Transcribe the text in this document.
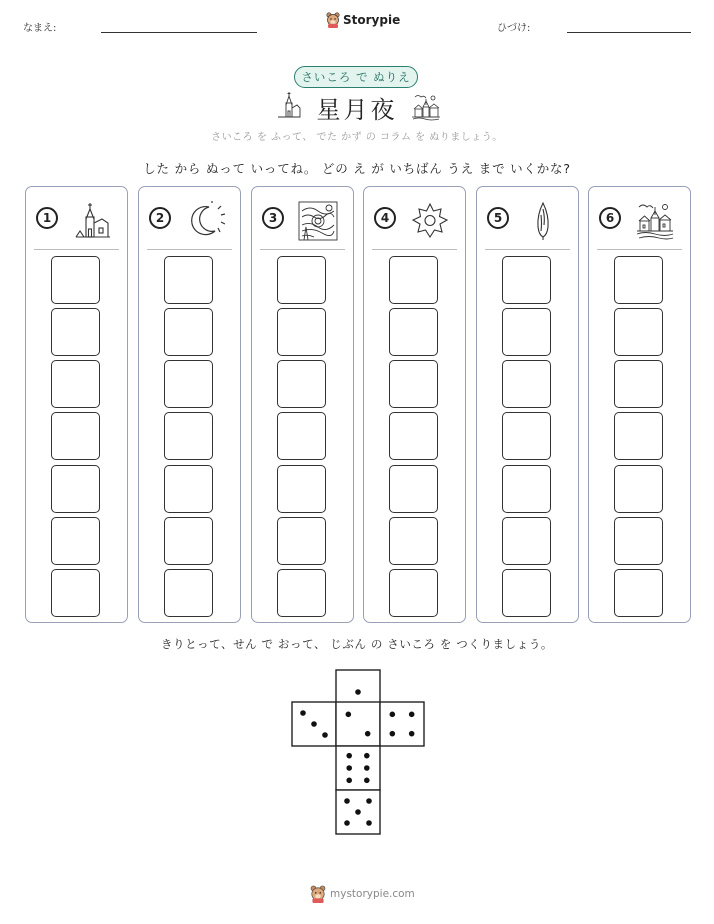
なまえ:
Storypie
ひづけ:
さいころ で ぬりえ
星月夜
さいころ を ふって、 でた かず の コラム を ぬりましょう。
した から ぬって いってね。 どの え が いちばん うえ まで いくかな?
1	2	3	4	5	6
きりとって、せん で おって、 じぶん の さいころ を つくりましょう。
mystorypie.com
